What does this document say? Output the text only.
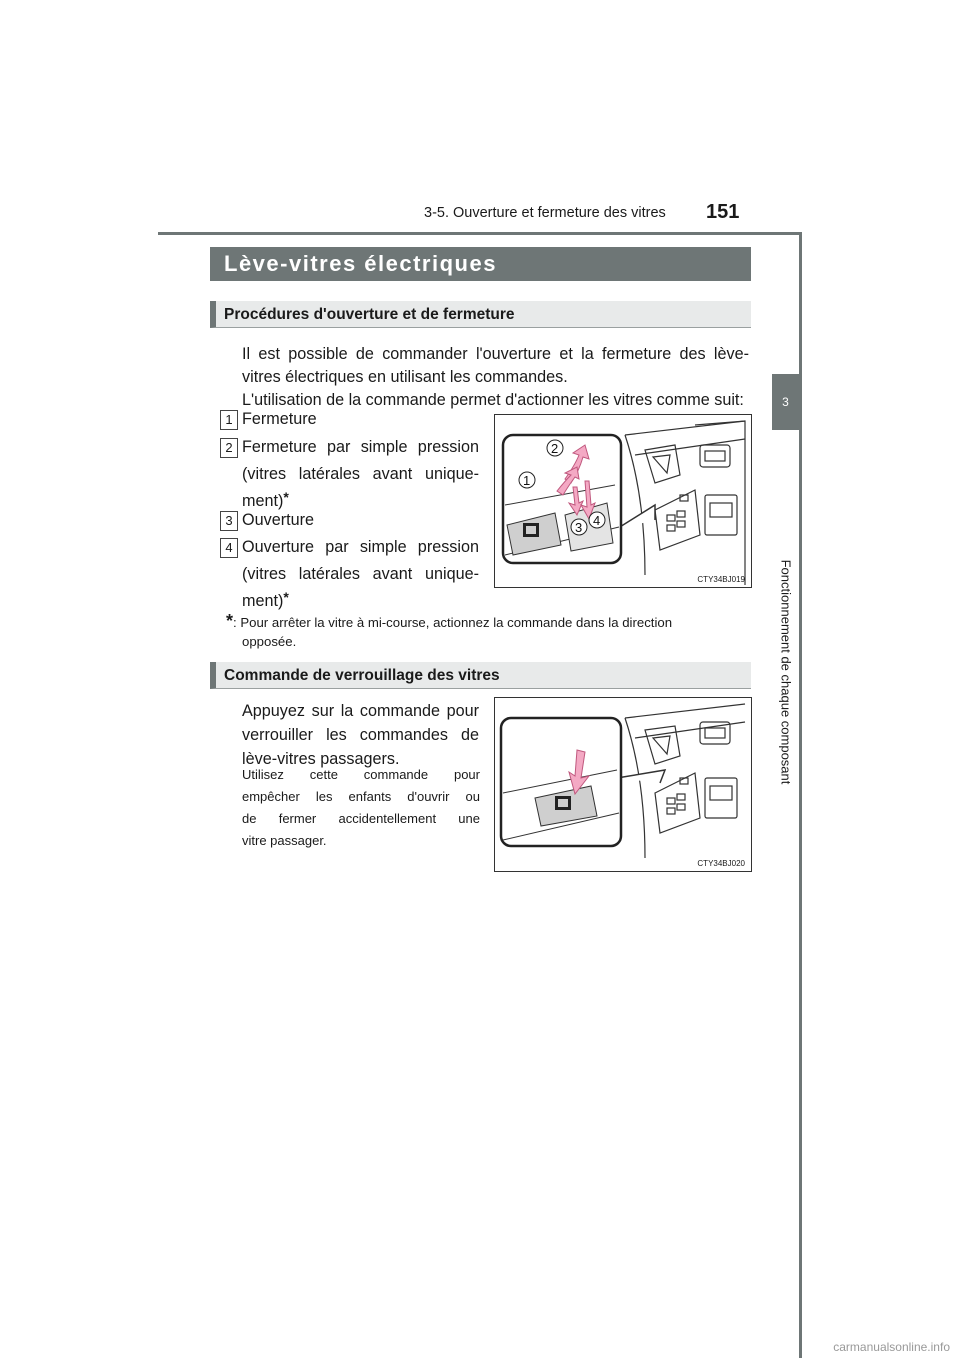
151
3-5. Ouverture et fermeture des vitres
3
Fonctionnement de chaque composant
Lève-vitres électriques
Procédures d'ouverture et de fermeture
Il est possible de commander l'ouverture et la fermeture des lève-
vitres électriques en utilisant les commandes.
L'utilisation de la commande permet d'actionner les vitres comme suit:
1 Fermeture
2 Fermeture par simple pression
(vitres latérales avant unique-
ment)*
3 Ouverture
4 Ouverture par simple pression
(vitres latérales avant unique-
ment)*
1
2
3 4
CTY34BJ019
*: Pour arrêter la vitre à mi-course, actionnez la commande dans la direction
opposée.
Commande de verrouillage des vitres
Appuyez sur la commande pour
verrouiller les commandes de
lève-vitres passagers.
Utilisez cette commande pour
empêcher les enfants d'ouvrir ou
de fermer accidentellement une
vitre passager.
CTY34BJ020
carmanualsonline.info
